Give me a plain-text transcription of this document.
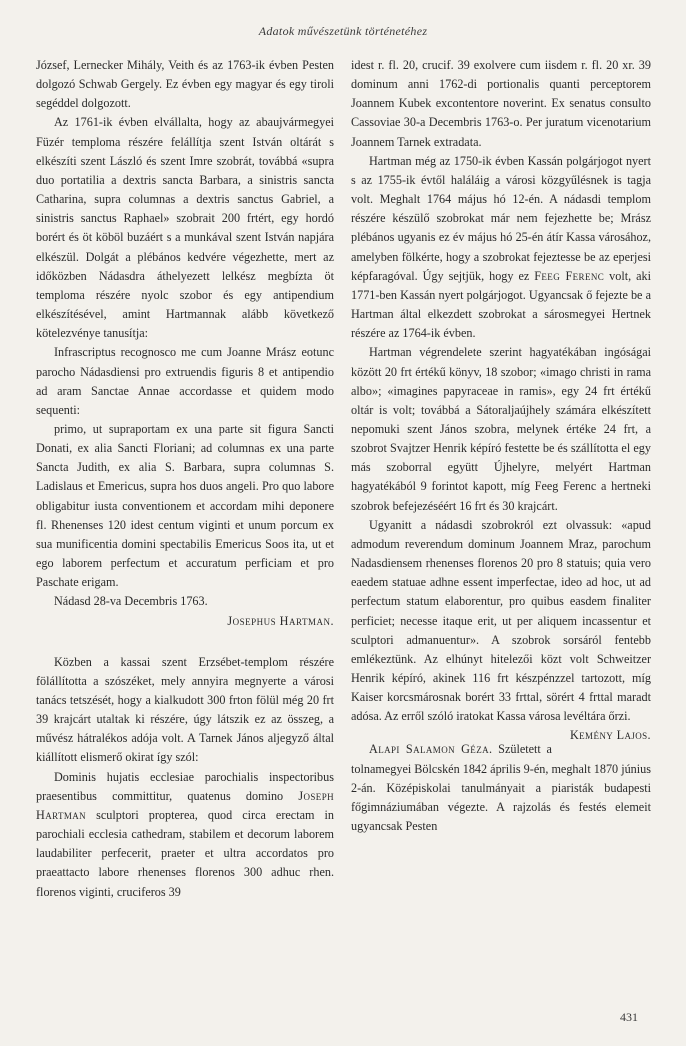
Adatok művészetünk történetéhez

József, Lernecker Mihály, Veith és az 1763-ik évben Pesten dolgozó Schwab Gergely. Ez évben egy magyar és egy tiroli segéddel dolgozott.

Az 1761-ik évben elvállalta, hogy az abaujvármegyei Füzér temploma részére felállítja szent István oltárát s elkészíti szent László és szent Imre szobrát, továbbá «supra duo portatilia a dextris sancta Barbara, a sinistris sancta Catharina, supra columnas a dextris sanctus Gabriel, a sinistris sanctus Raphael» szobrait 200 frtért, egy hordó borért és öt köböl buzáért s a munkával szent István napjára elkészül. Dolgát a plébános kedvére végezhette, mert az időközben Nádasdra áthelyezett lelkész megbízta öt temploma részére nyolc szobor és egy antipendium elkészítésével, amint Hartmannak alább következő kötelezvénye tanusítja:

Infrascriptus recognosco me cum Joanne Mrász eotunc parocho Nádasdiensi pro extruendis figuris 8 et antipendio ad aram Sanctae Annae accordasse et quidem modo sequenti:

primo, ut supraportam ex una parte sit figura Sancti Donati, ex alia Sancti Floriani; ad columnas ex una parte Sancta Judith, ex alia S. Barbara, supra columnas S. Ladislaus et Emericus, supra hos duos angeli. Pro quo labore obligabitur iusta conventionem et accordam mihi deponere fl. Rhenenses 120 idest centum viginti et unum porcum ex sua munificentia domini spectabilis Emericus Soos ita, ut et ego laborem perfectum et accuratum perficiam et pro Paschate erigam.

Nádasd 28-va Decembris 1763.

Josephus Hartman.

Közben a kassai szent Erzsébet-templom részére fölállította a szószéket, mely annyira megnyerte a városi tanács tetszését, hogy a kialkudott 300 frton fölül még 20 frt 39 krajcárt utaltak ki részére, úgy látszik ez az összeg, a művész hátralékos adója volt. A Tarnek János aljegyző által kiállított elismerő okirat így szól:

Dominis hujatis ecclesiae parochialis inspectoribus praesentibus committitur, quatenus domino Joseph Hartman sculptori propterea, quod circa erectam in parochiali ecclesia cathedram, stabilem et decorum laborem laudabiliter perfecerit, praeter et ultra accordatos pro praeattacto labore rhenenses florenos 300 adhuc rhen. florenos viginti, cruciferos 39

idest r. fl. 20, crucif. 39 exolvere cum iisdem r. fl. 20 xr. 39 dominum anni 1762-di portionalis quanti perceptorem Joannem Kubek excontentore noverint. Ex senatus consulto Cassoviae 30-a Decembris 1763-o. Per juratum vicenotarium Joannem Tarnek extradata.

Hartman még az 1750-ik évben Kassán polgárjogot nyert s az 1755-ik évtől haláláig a városi közgyűlésnek is tagja volt. Meghalt 1764 május hó 12-én. A nádasdi templom részére készülő szobrokat már nem fejezhette be; Mrász plébános ugyanis ez év május hó 25-én átír Kassa városához, amelyben fölkérte, hogy a szobrokat fejeztesse be az eperjesi képfaragóval. Úgy sejtjük, hogy ez Feeg Ferenc volt, aki 1771-ben Kassán nyert polgárjogot. Ugyancsak ő fejezte be a Hartman által elkezdett szobrokat a sárosmegyei Hertnek részére az 1764-ik évben.

Hartman végrendelete szerint hagyatékában ingóságai között 20 frt értékű könyv, 18 szobor; «imago christi in rama albo»; «imagines papyraceae in ramis», egy 24 frt értékű oltár is volt; továbbá a Sátoraljaújhely számára elkészített nepomuki szent János szobra, melynek értéke 24 frt, a szobrot Svajtzer Henrik képíró festette be és szállította el egy más szoborral együtt Újhelyre, melyért Hartman hagyatékából 9 forintot kapott, míg Feeg Ferenc a hertneki szobrok befejezéséért 16 frt és 30 krajcárt.

Ugyanitt a nádasdi szobrokról ezt olvassuk: «apud admodum reverendum dominum Joannem Mraz, parochum Nadasdiensem rhenenses florenos 20 pro 8 statuis; quia vero eaedem statuae adhne essent imperfectae, ideo ad hoc, ut ad perfectum statum elaborentur, pro quibus easdem finaliter perficiet; necesse itaque erit, ut per aliquem incassentur et sculptori admanuentur». A szobrok sorsáról fentebb emlékeztünk. Az elhúnyt hitelezői közt volt Schweitzer Henrik képíró, akinek 116 frt készpénzzel tartozott, míg Kaiser korcsmárosnak borért 33 frttal, sörért 4 frttal maradt adósa. Az erről szóló iratokat Kassa városa levéltára őrzi.
Kemény Lajos.

Alapi Salamon Géza. Született a tolnamegyei Bölcskén 1842 április 9-én, meghalt 1870 június 2-án. Középiskolai tanulmányait a piaristák budapesti főgimnáziumában végezte. A rajzolás és festés elemeit ugyancsak Pesten

431
